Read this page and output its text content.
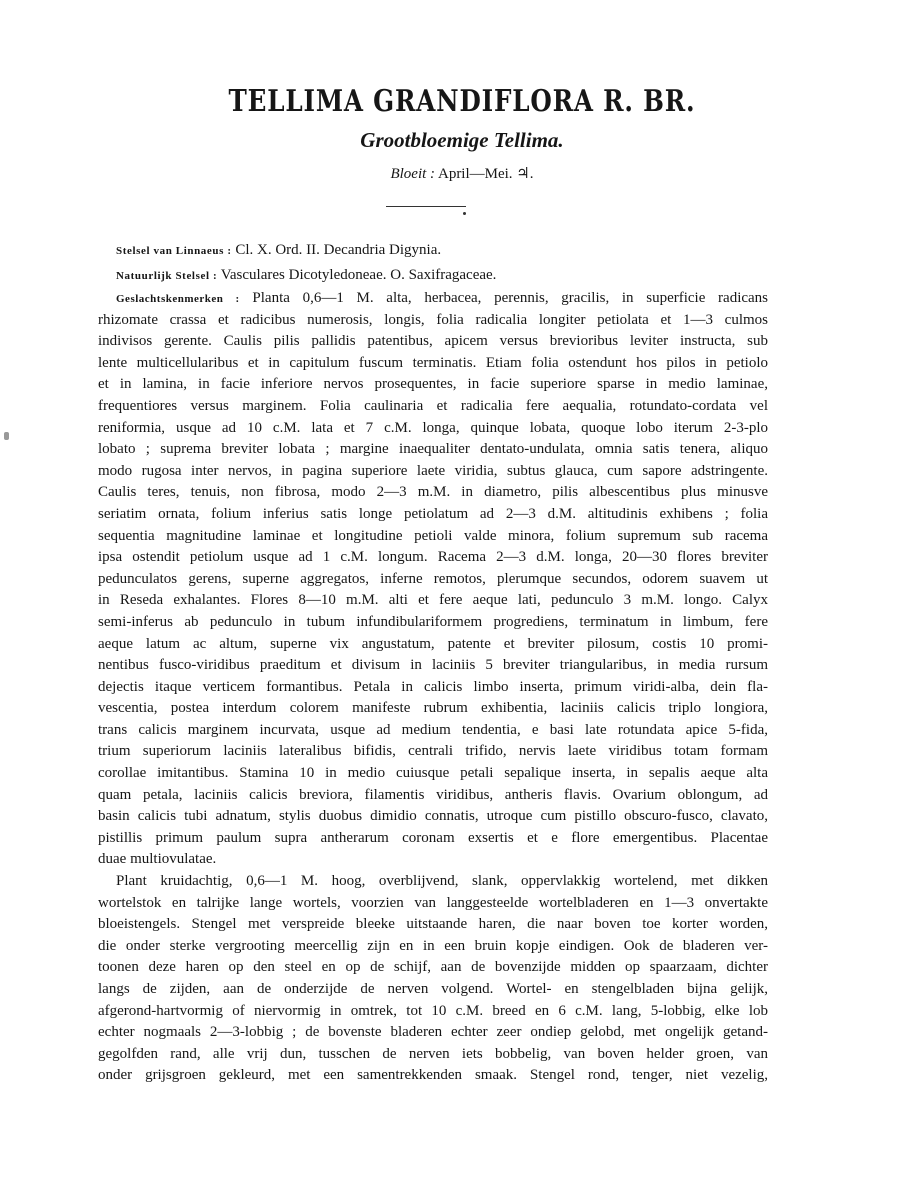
TELLIMA GRANDIFLORA R. BR.
Grootbloemige Tellima.
Bloeit : April—Mei. ♃.

Stelsel van Linnaeus : Cl. X. Ord. II. Decandria Digynia.

Natuurlijk Stelsel : Vasculares Dicotyledoneae. O. Saxifragaceae.

Geslachtskenmerken : Planta 0,6—1 M. alta, herbacea, perennis, gracilis, in superficie radicans
rhizomate crassa et radicibus numerosis, longis, folia radicalia longiter petiolata et 1—3 culmos
indivisos gerente. Caulis pilis pallidis patentibus, apicem versus brevioribus leviter instructa, sub
lente multicellularibus et in capitulum fuscum terminatis. Etiam folia ostendunt hos pilos in petiolo
et in lamina, in facie inferiore nervos prosequentes, in facie superiore sparse in medio laminae,
frequentiores versus marginem. Folia caulinaria et radicalia fere aequalia, rotundato-cordata vel
reniformia, usque ad 10 c.M. lata et 7 c.M. longa, quinque lobata, quoque lobo iterum 2-3-plo
lobato ; suprema breviter lobata ; margine inaequaliter dentato-undulata, omnia satis tenera, aliquo
modo rugosa inter nervos, in pagina superiore laete viridia, subtus glauca, cum sapore adstringente.
Caulis teres, tenuis, non fibrosa, modo 2—3 m.M. in diametro, pilis albescentibus plus minusve
seriatim ornata, folium inferius satis longe petiolatum ad 2—3 d.M. altitudinis exhibens ; folia
sequentia magnitudine laminae et longitudine petioli valde minora, folium supremum sub racema
ipsa ostendit petiolum usque ad 1 c.M. longum. Racema 2—3 d.M. longa, 20—30 flores breviter
pedunculatos gerens, superne aggregatos, inferne remotos, plerumque secundos, odorem suavem ut
in Reseda exhalantes. Flores 8—10 m.M. alti et fere aeque lati, pedunculo 3 m.M. longo. Calyx
semi-inferus ab pedunculo in tubum infundibulariformem progrediens, terminatum in limbum, fere
aeque latum ac altum, superne vix angustatum, patente et breviter pilosum, costis 10 promi-
nentibus fusco-viridibus praeditum et divisum in laciniis 5 breviter triangularibus, in media rursum
dejectis itaque verticem formantibus. Petala in calicis limbo inserta, primum viridi-alba, dein fla-
vescentia, postea interdum colorem manifeste rubrum exhibentia, laciniis calicis triplo longiora,
trans calicis marginem incurvata, usque ad medium tendentia, e basi late rotundata apice 5-fida,
trium superiorum laciniis lateralibus bifidis, centrali trifido, nervis laete viridibus totam formam
corollae imitantibus. Stamina 10 in medio cuiusque petali sepalique inserta, in sepalis aeque alta
quam petala, laciniis calicis breviora, filamentis viridibus, antheris flavis. Ovarium oblongum, ad
basin calicis tubi adnatum, stylis duobus dimidio connatis, utroque cum pistillo obscuro-fusco, clavato,
pistillis primum paulum supra antherarum coronam exsertis et e flore emergentibus. Placentae
duae multiovulatae.
Plant kruidachtig, 0,6—1 M. hoog, overblijvend, slank, oppervlakkig wortelend, met dikken
wortelstok en talrijke lange wortels, voorzien van langgesteelde wortelbladeren en 1—3 onvertakte
bloeistengels. Stengel met verspreide bleeke uitstaande haren, die naar boven toe korter worden,
die onder sterke vergrooting meercellig zijn en in een bruin kopje eindigen. Ook de bladeren ver-
toonen deze haren op den steel en op de schijf, aan de bovenzijde midden op spaarzaam, dichter
langs de zijden, aan de onderzijde de nerven volgend. Wortel- en stengelbladen bijna gelijk,
afgerond-hartvormig of niervormig in omtrek, tot 10 c.M. breed en 6 c.M. lang, 5-lobbig, elke lob
echter nogmaals 2—3-lobbig ; de bovenste bladeren echter zeer ondiep gelobd, met ongelijk getand-
gegolfden rand, alle vrij dun, tusschen de nerven iets bobbelig, van boven helder groen, van
onder grijsgroen gekleurd, met een samentrekkenden smaak. Stengel rond, tenger, niet vezelig,
